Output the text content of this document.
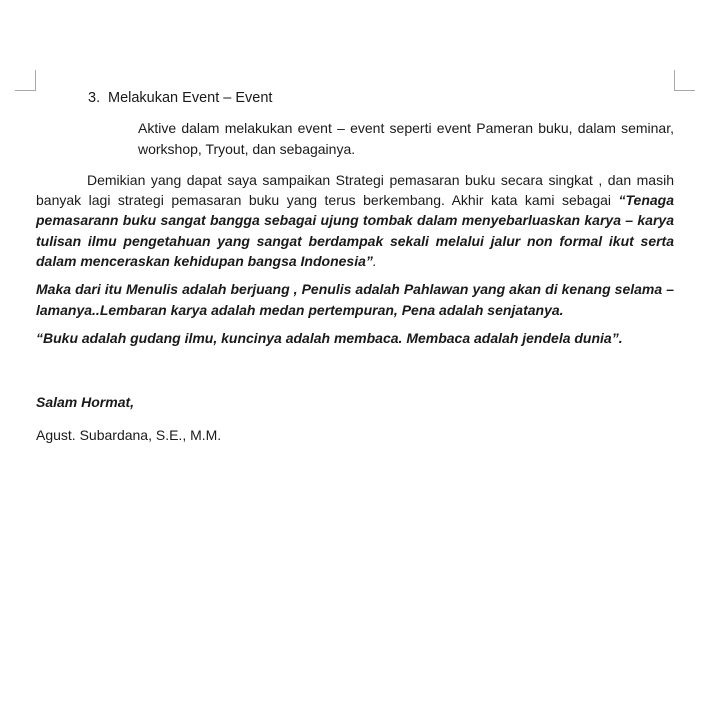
3. Melakukan Event – Event

Aktive dalam melakukan event – event seperti event Pameran buku, dalam seminar, workshop, Tryout, dan sebagainya.

Demikian yang dapat saya sampaikan Strategi pemasaran buku secara singkat , dan masih banyak lagi strategi pemasaran buku yang terus berkembang. Akhir kata kami sebagai “Tenaga pemasarann buku sangat bangga sebagai ujung tombak dalam menyebarluaskan karya – karya tulisan ilmu pengetahuan yang sangat berdampak sekali melalui jalur non formal ikut serta dalam menceraskan kehidupan bangsa Indonesia”.

Maka dari itu Menulis adalah berjuang , Penulis adalah Pahlawan yang akan di kenang selama – lamanya..Lembaran karya adalah medan pertempuran, Pena adalah senjatanya.

“Buku adalah gudang ilmu, kuncinya adalah membaca. Membaca adalah jendela dunia”.

Salam Hormat,

Agust. Subardana, S.E., M.M.
